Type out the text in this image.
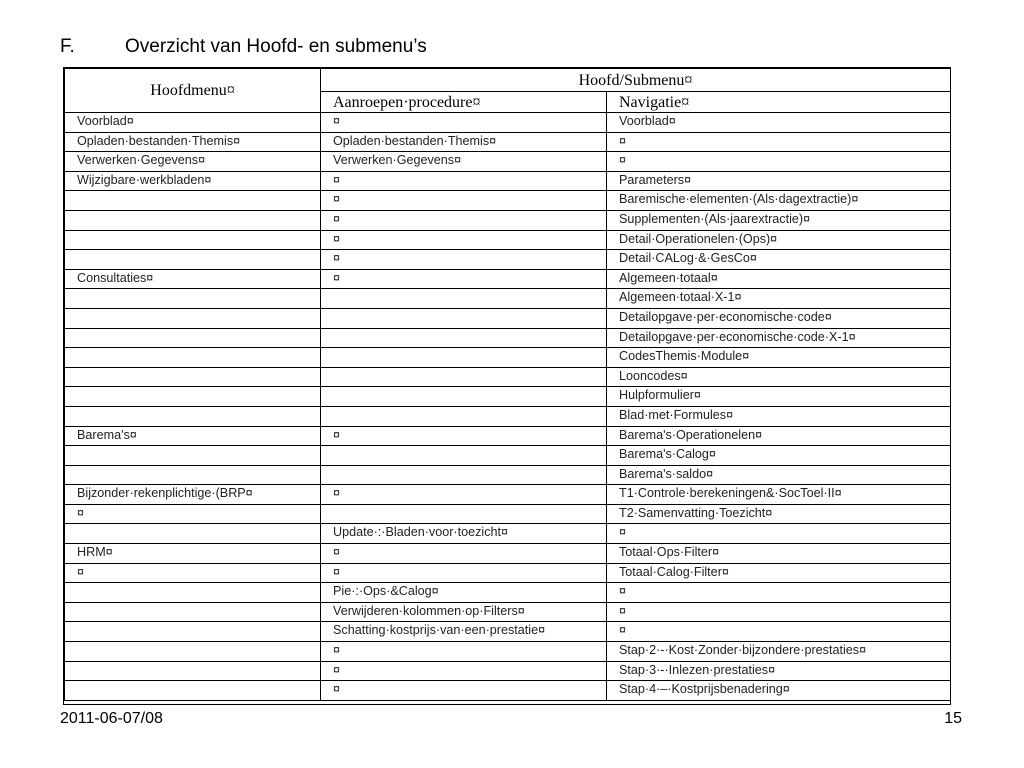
F.	Overzicht van Hoofd- en submenu’s
Hoofdmenu¤	Hoofd/Submenu¤	
	Aanroepen·procedure¤	Navigatie¤
Voorblad¤	¤	Voorblad¤
Opladen·bestanden·Themis¤	Opladen·bestanden·Themis¤	¤
Verwerken·Gegevens¤	Verwerken·Gegevens¤	¤
Wijzigbare·werkbladen¤	¤	Parameters¤
	¤	Baremische·elementen·(Als·dagextractie)¤
	¤	Supplementen·(Als·jaarextractie)¤
	¤	Detail·Operationelen·(Ops)¤
	¤	Detail·CALog·&·GesCo¤
Consultaties¤	¤	Algemeen·totaal¤
		Algemeen·totaal·X-1¤
		Detailopgave·per·economische·code¤
		Detailopgave·per·economische·code·X-1¤
		CodesThemis·Module¤
		Looncodes¤
		Hulpformulier¤
		Blad·met·Formules¤
Barema's¤	¤	Barema's·Operationelen¤
		Barema's·Calog¤
		Barema's·saldo¤
Bijzonder·rekenplichtige·(BRP¤	¤	T1·Controle·berekeningen&·SocToel·II¤
¤		T2·Samenvatting·Toezicht¤
	Update·:·Bladen·voor·toezicht¤	¤
HRM¤	¤	Totaal·Ops·Filter¤
¤	¤	Totaal·Calog·Filter¤
	Pie·:·Ops·&Calog¤	¤
	Verwijderen·kolommen·op·Filters¤	¤
	Schatting·kostprijs·van·een·prestatie¤	¤
	¤	Stap·2·-·Kost·Zonder·bijzondere·prestaties¤
	¤	Stap·3·-·Inlezen·prestaties¤
	¤	Stap·4·–·Kostprijsbenadering¤
2011-06-07/08	15
